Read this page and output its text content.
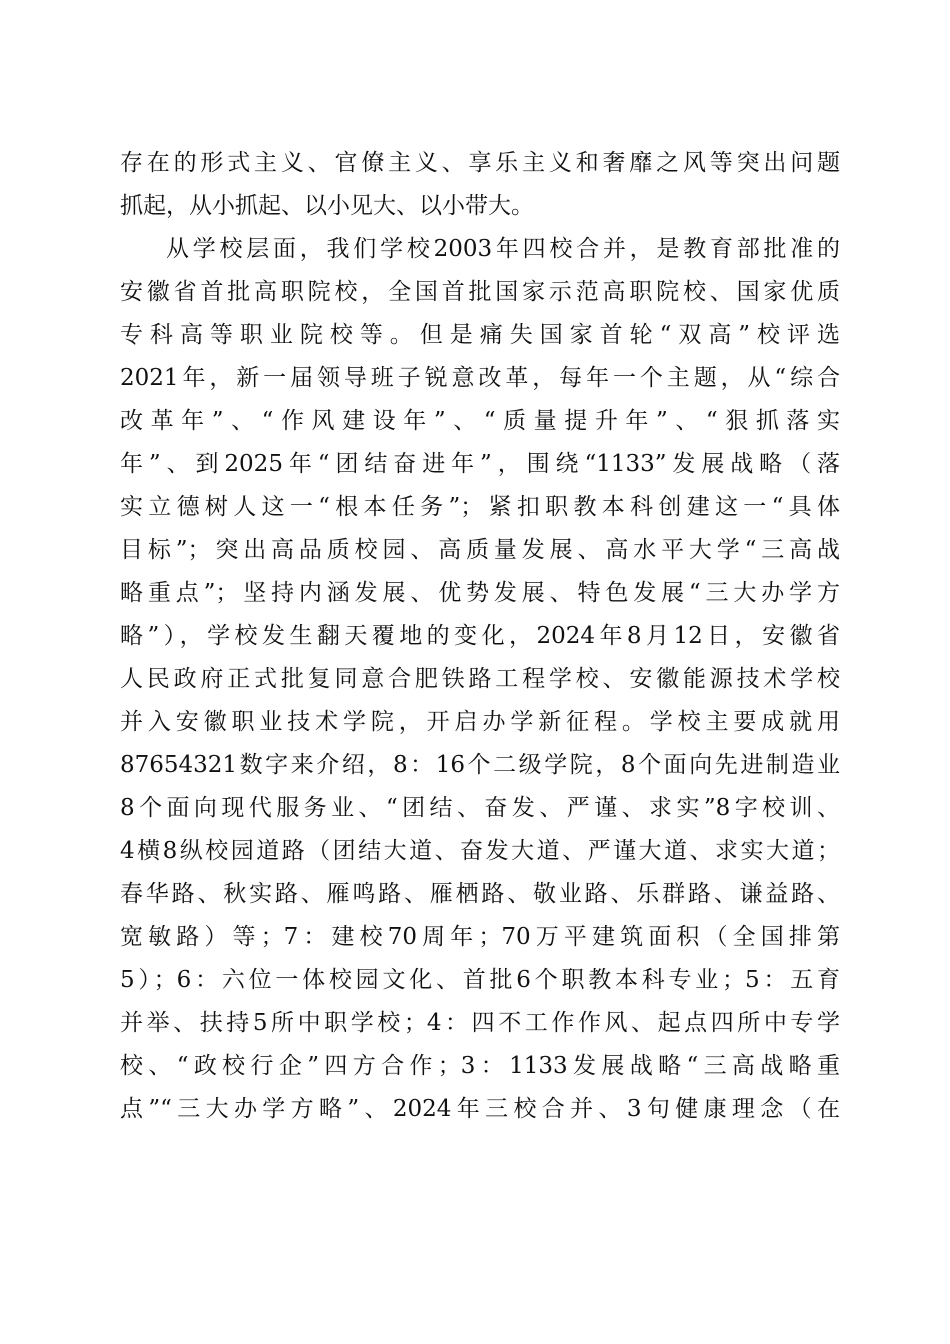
存在的形式主义、官僚主义、享乐主义和奢靡之风等突出问题
抓起，从小抓起、以小见大、以小带大。
从学校层面，我们学校2003年四校合并，是教育部批准的
安徽省首批高职院校，全国首批国家示范高职院校、国家优质
专科高等职业院校等。但是痛失国家首轮“双高”校评选
2021年，新一届领导班子锐意改革，每年一个主题，从“综合
改革年”、“作风建设年”、“质量提升年”、“狠抓落实
年”、到2025年“团结奋进年”，围绕“1133”发展战略（落
实立德树人这一“根本任务”；紧扣职教本科创建这一“具体
目标”；突出高品质校园、高质量发展、高水平大学“三高战
略重点”；坚持内涵发展、优势发展、特色发展“三大办学方
略”），学校发生翻天覆地的变化，2024年8月12日，安徽省
人民政府正式批复同意合肥铁路工程学校、安徽能源技术学校
并入安徽职业技术学院，开启办学新征程。学校主要成就用
87654321数字来介绍，8：16个二级学院，8个面向先进制造业
8个面向现代服务业、“团结、奋发、严谨、求实”8字校训、
4横8纵校园道路（团结大道、奋发大道、严谨大道、求实大道；
春华路、秋实路、雁鸣路、雁栖路、敬业路、乐群路、谦益路、
宽敏路）等；7：建校70周年；70万平建筑面积（全国排第
5）；6：六位一体校园文化、首批6个职教本科专业；5：五育
并举、扶持5所中职学校；4：四不工作作风、起点四所中专学
校、“政校行企”四方合作；3：1133发展战略“三高战略重
点”“三大办学方略”、2024年三校合并、3句健康理念（在
